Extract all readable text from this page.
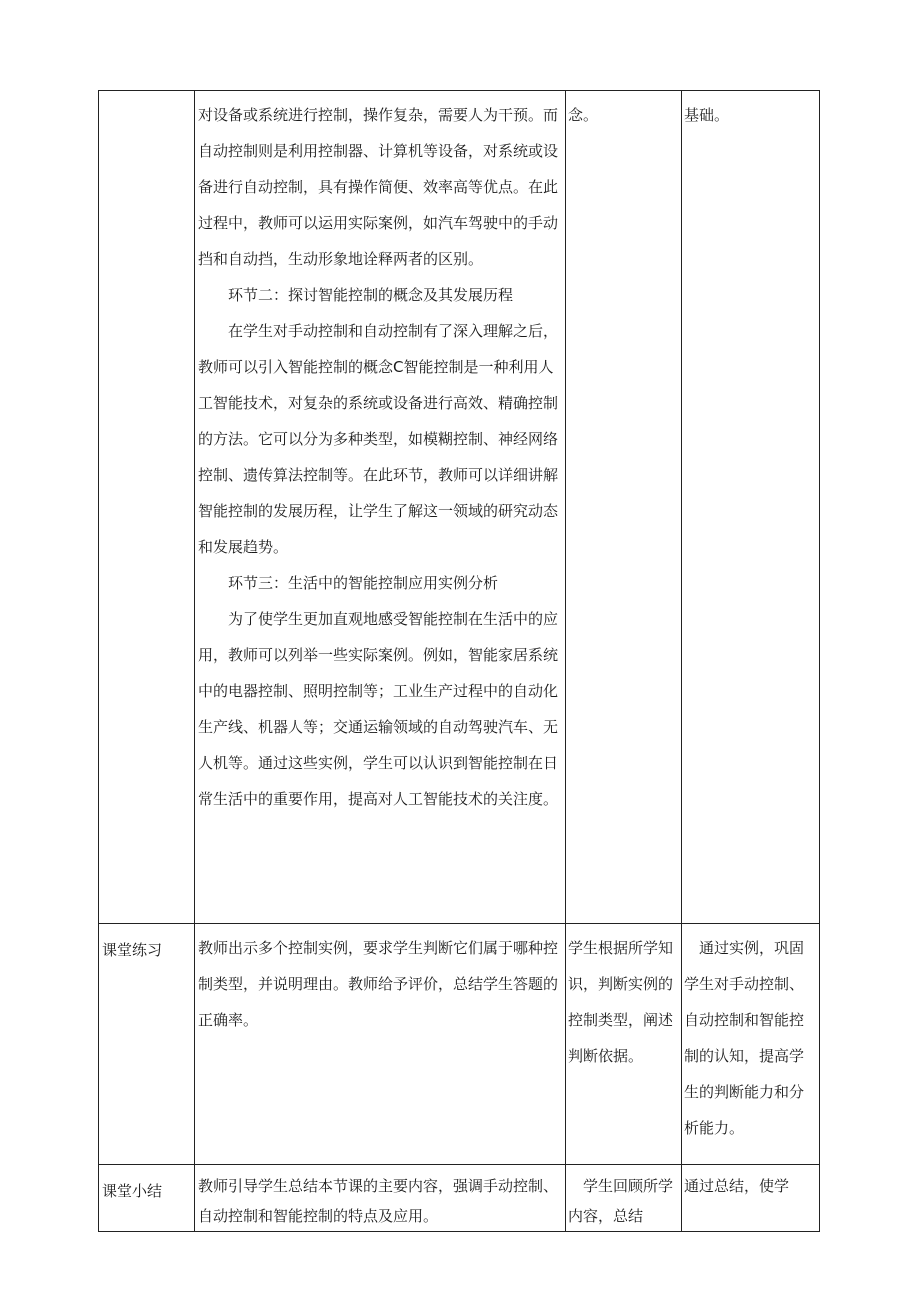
	对设备或系统进行控制，操作复杂，需要人为干预。而自动控制则是利用控制器、计算机等设备，对系统或设备进行自动控制，具有操作简便、效率高等优点。在此过程中，教师可以运用实际案例，如汽车驾驶中的手动挡和自动挡，生动形象地诠释两者的区别。

环节二：探讨智能控制的概念及其发展历程

在学生对手动控制和自动控制有了深入理解之后，教师可以引入智能控制的概念C智能控制是一种利用人工智能技术，对复杂的系统或设备进行高效、精确控制的方法。它可以分为多种类型，如模糊控制、神经网络控制、遗传算法控制等。在此环节，教师可以详细讲解智能控制的发展历程，让学生了解这一领域的研究动态和发展趋势。

环节三：生活中的智能控制应用实例分析

为了使学生更加直观地感受智能控制在生活中的应用，教师可以列举一些实际案例。例如，智能家居系统中的电器控制、照明控制等；工业生产过程中的自动化生产线、机器人等；交通运输领域的自动驾驶汽车、无人机等。通过这些实例，学生可以认识到智能控制在日常生活中的重要作用，提高对人工智能技术的关注度。	念。	基础。

课堂练习	教师出示多个控制实例，要求学生判断它们属于哪种控制类型，并说明理由。教师给予评价，总结学生答题的正确率。	学生根据所学知识，判断实例的控制类型，阐述判断依据。	通过实例，巩固学生对手动控制、自动控制和智能控制的认知，提高学生的判断能力和分析能力。

课堂小结	教师引导学生总结本节课的主要内容，强调手动控制、自动控制和智能控制的特点及应用。	学生回顾所学内容，总结	通过总结，使学
